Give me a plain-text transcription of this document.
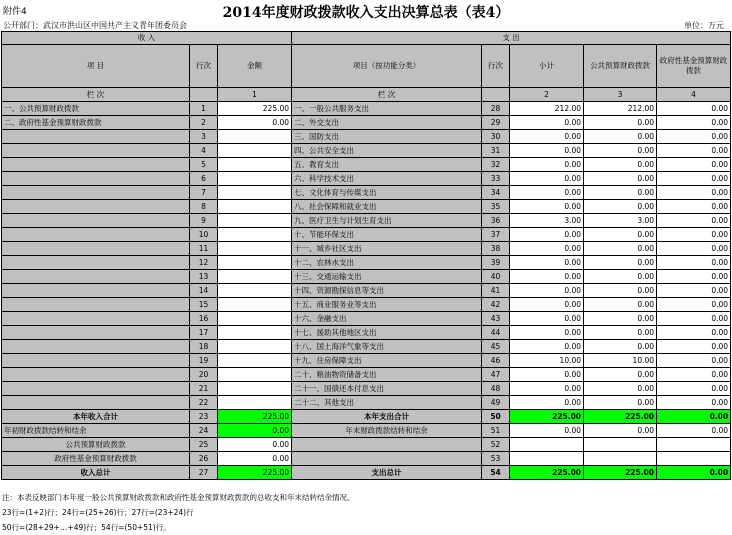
附件4	2014年度财政拨款收入支出决算总表（表4）
公开部门：武汉市洪山区中国共产主义青年团委员会	单位：万元
收 入			支 出				
项 目	行次	金额	项目（按功能分类）	行次	小计	公共预算财政拨款	政府性基金预算财政拨款
栏 次		1	栏 次		2	3	4
一、公共预算财政拨款	1	225.00	一、一般公共服务支出	28	212.00	212.00	0.00
二、政府性基金预算财政拨款	2	0.00	二、外交支出	29	0.00	0.00	0.00
	3		三、国防支出	30	0.00	0.00	0.00
	4		四、公共安全支出	31	0.00	0.00	0.00
	5		五、教育支出	32	0.00	0.00	0.00
	6		六、科学技术支出	33	0.00	0.00	0.00
	7		七、文化体育与传媒支出	34	0.00	0.00	0.00
	8		八、社会保障和就业支出	35	0.00	0.00	0.00
	9		九、医疗卫生与计划生育支出	36	3.00	3.00	0.00
	10		十、节能环保支出	37	0.00	0.00	0.00
	11		十一、城乡社区支出	38	0.00	0.00	0.00
	12		十二、农林水支出	39	0.00	0.00	0.00
	13		十三、交通运输支出	40	0.00	0.00	0.00
	14		十四、资源勘探信息等支出	41	0.00	0.00	0.00
	15		十五、商业服务业等支出	42	0.00	0.00	0.00
	16		十六、金融支出	43	0.00	0.00	0.00
	17		十七、援助其他地区支出	44	0.00	0.00	0.00
	18		十八、国土海洋气象等支出	45	0.00	0.00	0.00
	19		十九、住房保障支出	46	10.00	10.00	0.00
	20		二十、粮油物资储备支出	47	0.00	0.00	0.00
	21		二十一、国债还本付息支出	48	0.00	0.00	0.00
	22		二十二、其他支出	49	0.00	0.00	0.00
本年收入合计	23	225.00	本年支出合计	50	225.00	225.00	0.00
年初财政拨款结转和结余	24	0.00	年末财政拨款结转和结余	51	0.00	0.00	0.00
公共预算财政拨款	25	0.00		52			
政府性基金预算财政拨款	26	0.00		53			
收入总计	27	225.00	支出总计	54	225.00	225.00	0.00
注：本表反映部门本年度一般公共预算财政拨款和政府性基金预算财政拨款的总收支和年末结转结余情况。
23行=(1+2)行；24行=(25+26)行；27行=(23+24)行
50行=(28+29+…+49)行；54行=(50+51)行。
